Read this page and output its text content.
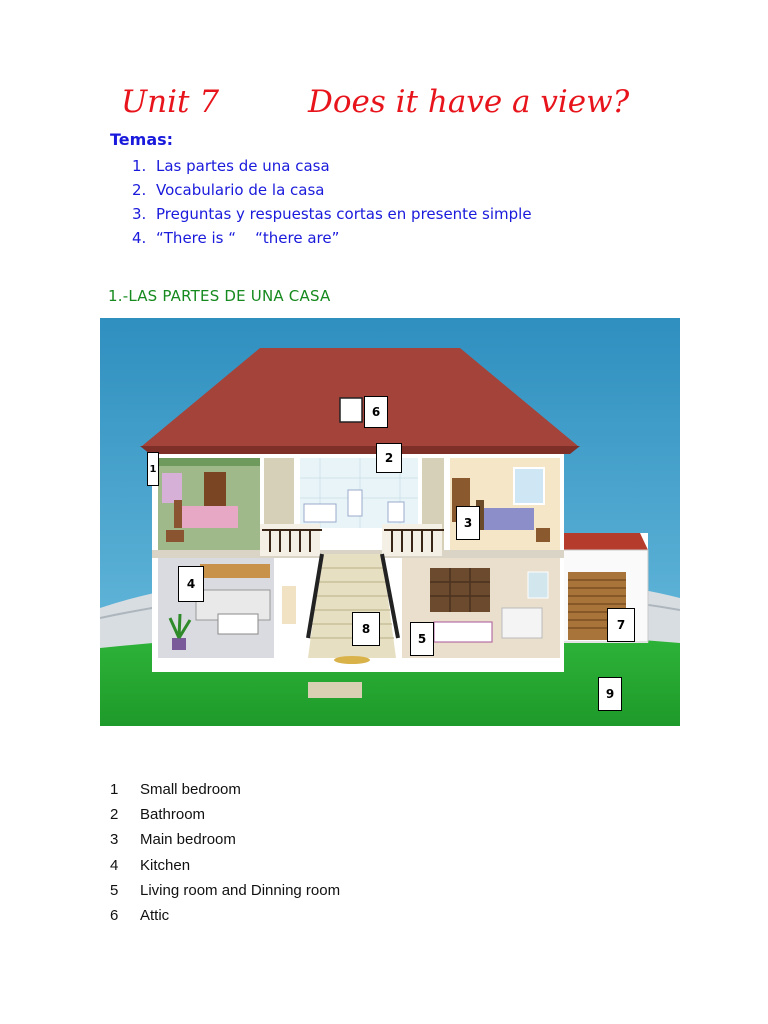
Unit 7	Does it have a view?
Temas:
1. Las partes de una casa
2. Vocabulario de la casa
3. Preguntas y respuestas cortas en presente simple
4. “There is “    “there are”
1.-LAS PARTES DE UNA CASA
1
2
3
4
5
6
7
8
9
1 Small bedroom
2 Bathroom
3 Main bedroom
4 Kitchen
5 Living room and Dinning room
6 Attic
